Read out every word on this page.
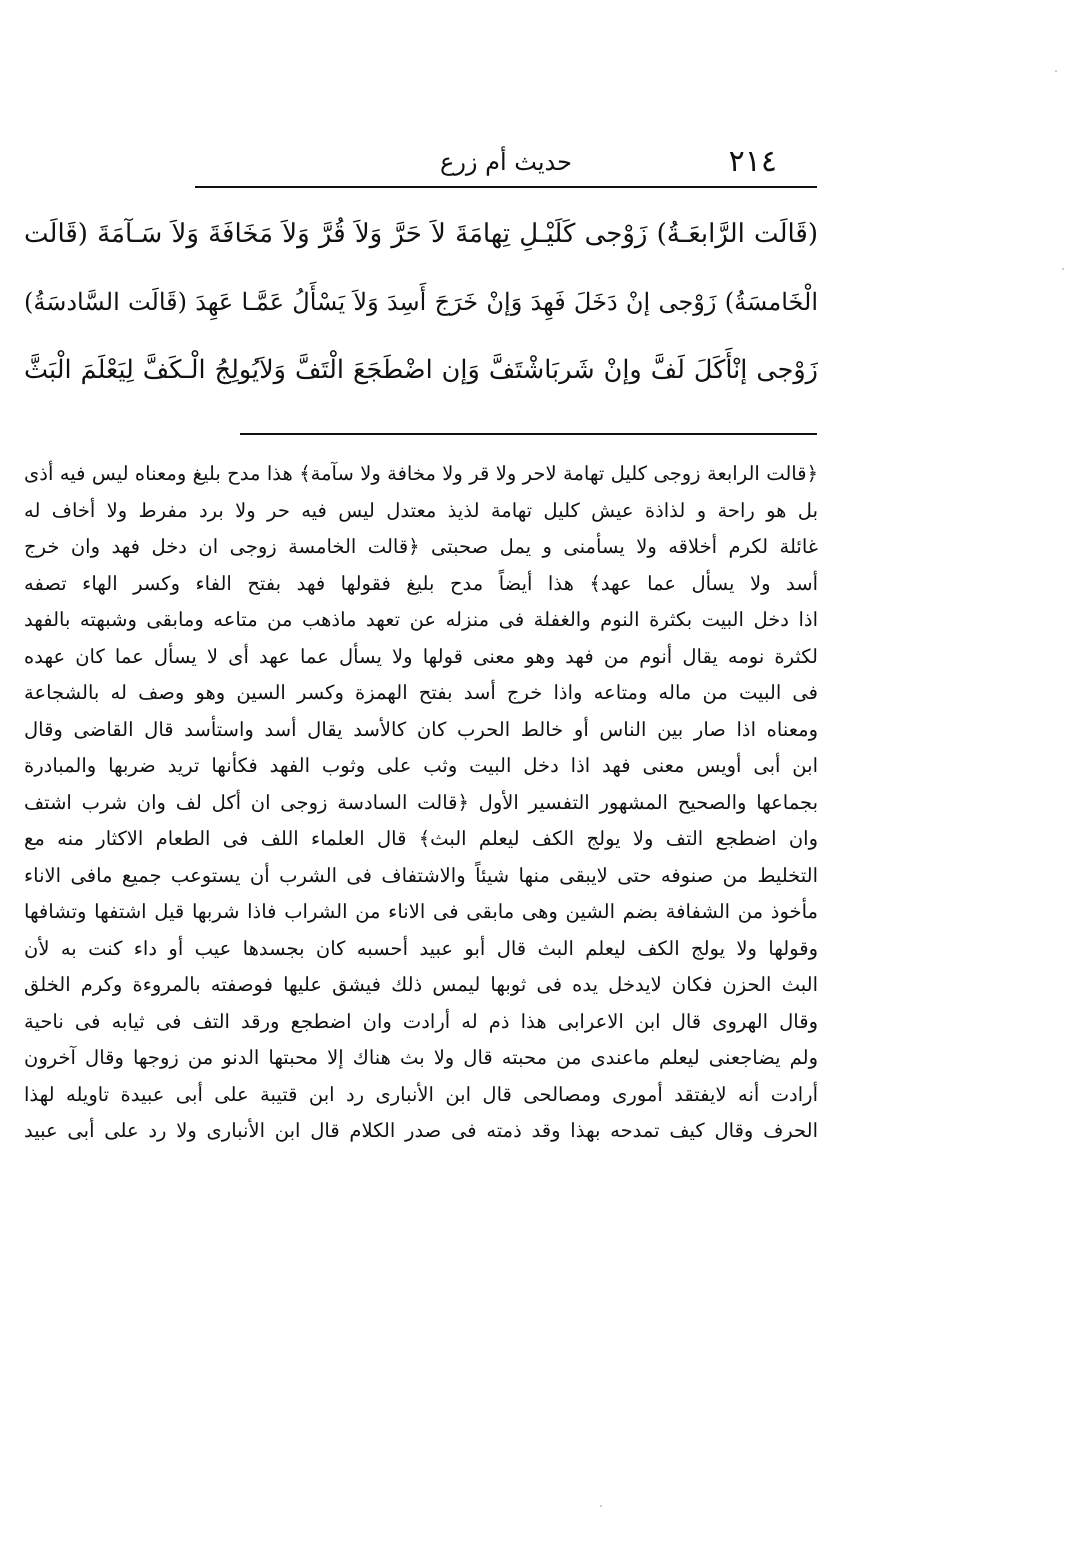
٢١٤
حديث أم زرع
(قَالَت الرَّابعَـةُ) زَوْجى كَلَيْـلِ تِهامَةَ لاَ حَرَّ وَلاَ قُرَّ وَلاَ مَخَافَةَ وَلاَ سَـآمَةَ (قَالَت
الْخَامسَةُ) زَوْجى إنْ دَخَلَ فَهِدَ وَإنْ خَرَجَ أَسِدَ وَلاَ يَسْأَلُ عَمَّـا عَهِدَ (قَالَت السَّادسَةُ)
زَوْجى إنْأَكَلَ لَفَّ وإنْ شَربَاشْتَفَّ وَإن اضْطَجَعَ الْتَفَّ وَلاَيُولِجُ الْـكَفَّ لِيَعْلَمَ الْبَثَّ
﴿قالت الرابعة زوجى كليل تهامة لاحر ولا قر ولا مخافة ولا سآمة﴾ هذا مدح بليغ ومعناه ليس فيه أذى
بل هو راحة و لذاذة عيش كليل تهامة لذيذ معتدل ليس فيه حر ولا برد مفرط ولا أخاف له
غائلة لكرم أخلاقه ولا يسأمنى و يمل صحبتى ﴿قالت الخامسة زوجى ان دخل فهد وان خرج
أسد ولا يسأل عما عهد﴾ هذا أيضاً مدح بليغ فقولها فهد بفتح الفاء وكسر الهاء تصفه
اذا دخل البيت بكثرة النوم والغفلة فى منزله عن تعهد ماذهب من متاعه ومابقى وشبهته بالفهد
لكثرة نومه يقال أنوم من فهد وهو معنى قولها ولا يسأل عما عهد أى لا يسأل عما كان عهده
فى البيت من ماله ومتاعه واذا خرج أسد بفتح الهمزة وكسر السين وهو وصف له بالشجاعة
ومعناه اذا صار بين الناس أو خالط الحرب كان كالأسد يقال أسد واستأسد قال القاضى وقال
ابن أبى أويس معنى فهد اذا دخل البيت وثب على وثوب الفهد فكأنها تريد ضربها والمبادرة
بجماعها والصحيح المشهور التفسير الأول ﴿قالت السادسة زوجى ان أكل لف وان شرب اشتف
وان اضطجع التف ولا يولج الكف ليعلم البث﴾ قال العلماء اللف فى الطعام الاكثار منه مع
التخليط من صنوفه حتى لايبقى منها شيئاً والاشتفاف فى الشرب أن يستوعب جميع مافى الاناء
مأخوذ من الشفافة بضم الشين وهى مابقى فى الاناء من الشراب فاذا شربها قيل اشتفها وتشافها
وقولها ولا يولج الكف ليعلم البث قال أبو عبيد أحسبه كان بجسدها عيب أو داء كنت به لأن
البث الحزن فكان لايدخل يده فى ثوبها ليمس ذلك فيشق عليها فوصفته بالمروءة وكرم الخلق
وقال الهروى قال ابن الاعرابى هذا ذم له أرادت وان اضطجع ورقد التف فى ثيابه فى ناحية
ولم يضاجعنى ليعلم ماعندى من محبته قال ولا بث هناك إلا محبتها الدنو من زوجها وقال آخرون
أرادت أنه لايفتقد أمورى ومصالحى قال ابن الأنبارى رد ابن قتيبة على أبى عبيدة تاويله لهذا
الحرف وقال كيف تمدحه بهذا وقد ذمته فى صدر الكلام قال ابن الأنبارى ولا رد على أبى عبيد
